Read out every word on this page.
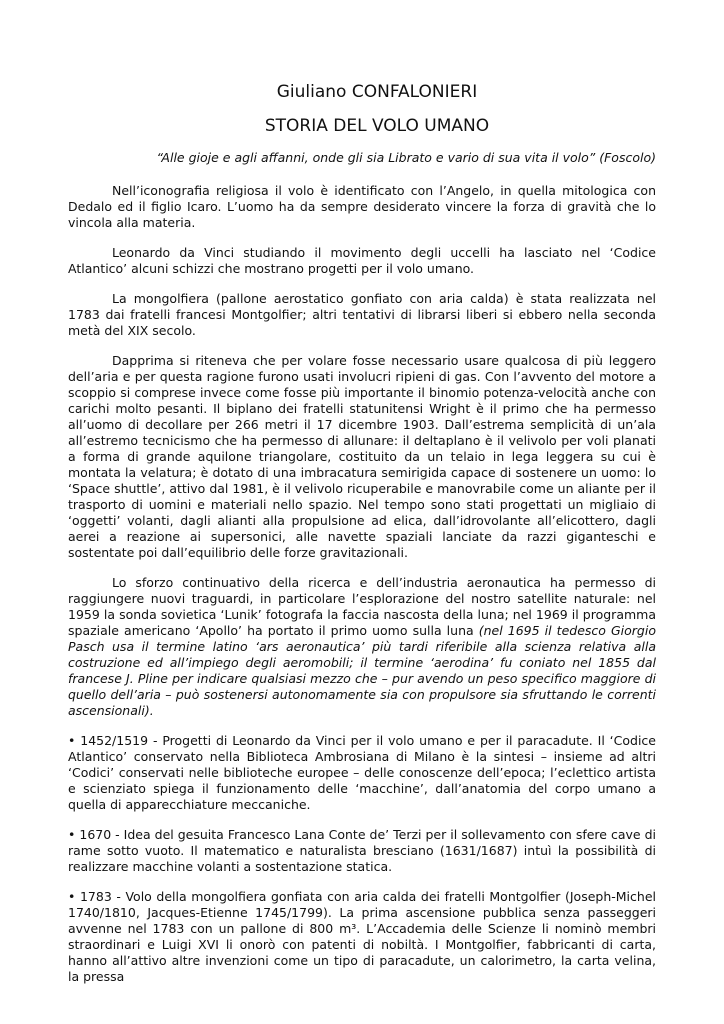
Giuliano CONFALONIERI
STORIA DEL VOLO UMANO
“Alle gioje e agli affanni, onde gli sia Librato e vario di sua vita il volo” (Foscolo)

Nell’iconografia religiosa il volo è identificato con l’Angelo, in quella mitologica con Dedalo ed il figlio Icaro. L’uomo ha da sempre desiderato vincere la forza di gravità che lo vincola alla materia.

Leonardo da Vinci studiando il movimento degli uccelli ha lasciato nel ‘Codice Atlantico’ alcuni schizzi che mostrano progetti per il volo umano.

La mongolfiera (pallone aerostatico gonfiato con aria calda) è stata realizzata nel 1783 dai fratelli francesi Montgolfier; altri tentativi di librarsi liberi si ebbero nella seconda metà del XIX secolo.

Dapprima si riteneva che per volare fosse necessario usare qualcosa di più leggero dell’aria e per questa ragione furono usati involucri ripieni di gas. Con l’avvento del motore a scoppio si comprese invece come fosse più importante il binomio potenza-velocità anche con carichi molto pesanti. Il biplano dei fratelli statunitensi Wright è il primo che ha permesso all’uomo di decollare per 266 metri il 17 dicembre 1903. Dall’estrema semplicità di un’ala all’estremo tecnicismo che ha permesso di allunare: il deltaplano è il velivolo per voli planati a forma di grande aquilone triangolare, costituito da un telaio in lega leggera su cui è montata la velatura; è dotato di una imbracatura semirigida capace di sostenere un uomo: lo ‘Space shuttle’, attivo dal 1981, è il velivolo ricuperabile e manovrabile come un aliante per il trasporto di uomini e materiali nello spazio. Nel tempo sono stati progettati un migliaio di ‘oggetti’ volanti, dagli alianti alla propulsione ad elica, dall’idrovolante all’elicottero, dagli aerei a reazione ai supersonici, alle navette spaziali lanciate da razzi giganteschi e sostentate poi dall’equilibrio delle forze gravitazionali.

Lo sforzo continuativo della ricerca e dell’industria aeronautica ha permesso di raggiungere nuovi traguardi, in particolare l’esplorazione del nostro satellite naturale: nel 1959 la sonda sovietica ‘Lunik’ fotografa la faccia nascosta della luna; nel 1969 il programma spaziale americano ‘Apollo’ ha portato il primo uomo sulla luna (nel 1695 il tedesco Giorgio Pasch usa il termine latino ‘ars aeronautica’ più tardi riferibile alla scienza relativa alla costruzione ed all’impiego degli aeromobili; il termine ‘aerodina’ fu coniato nel 1855 dal francese J. Pline per indicare qualsiasi mezzo che – pur avendo un peso specifico maggiore di quello dell’aria – può sostenersi autonomamente sia con propulsore sia sfruttando le correnti ascensionali).

• 1452/1519 - Progetti di Leonardo da Vinci per il volo umano e per il paracadute. Il ‘Codice Atlantico’ conservato nella Biblioteca Ambrosiana di Milano è la sintesi – insieme ad altri ‘Codici’ conservati nelle biblioteche europee – delle conoscenze dell’epoca; l’eclettico artista e scienziato spiega il funzionamento delle ‘macchine’, dall’anatomia del corpo umano a quella di apparecchiature meccaniche.

• 1670 - Idea del gesuita Francesco Lana Conte de’ Terzi per il sollevamento con sfere cave di rame sotto vuoto. Il matematico e naturalista bresciano (1631/1687) intuì la possibilità di realizzare macchine volanti a sostentazione statica.

• 1783 - Volo della mongolfiera gonfiata con aria calda dei fratelli Montgolfier (Joseph-Michel 1740/1810, Jacques-Etienne 1745/1799). La prima ascensione pubblica senza passeggeri avvenne nel 1783 con un pallone di 800 m³. L’Accademia delle Scienze li nominò membri straordinari e Luigi XVI li onorò con patenti di nobiltà. I Montgolfier, fabbricanti di carta, hanno all’attivo altre invenzioni come un tipo di paracadute, un calorimetro, la carta velina, la pressa
